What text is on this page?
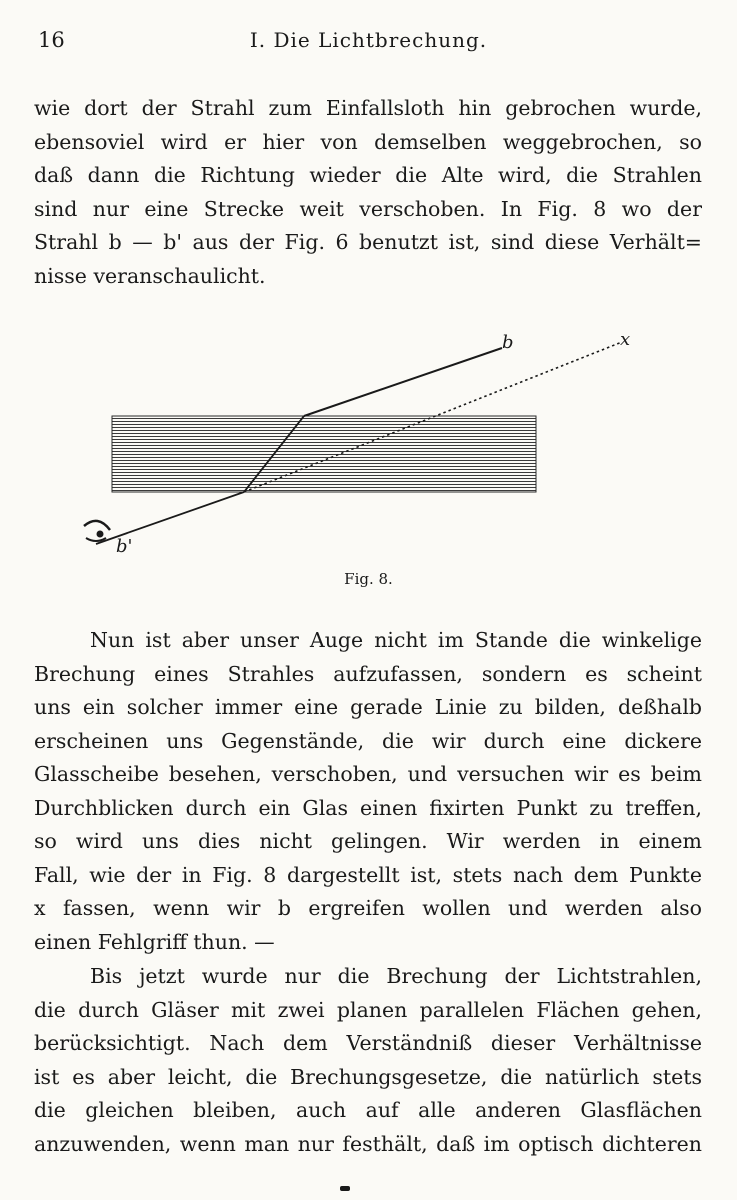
16	I. Die Lichtbrechung.
wie dort der Strahl zum Einfallsloth hin gebrochen wurde,
ebensoviel wird er hier von demselben weggebrochen, so
daß dann die Richtung wieder die Alte wird, die Strahlen
sind nur eine Strecke weit verschoben. In Fig. 8 wo der
Strahl b — b' aus der Fig. 6 benutzt ist, sind diese Verhält=
nisse veranschaulicht.
b	x
b'
Fig. 8.
Nun ist aber unser Auge nicht im Stande die winkelige
Brechung eines Strahles aufzufassen, sondern es scheint
uns ein solcher immer eine gerade Linie zu bilden, deßhalb
erscheinen uns Gegenstände, die wir durch eine dickere
Glasscheibe besehen, verschoben, und versuchen wir es beim
Durchblicken durch ein Glas einen fixirten Punkt zu treffen,
so wird uns dies nicht gelingen. Wir werden in einem
Fall, wie der in Fig. 8 dargestellt ist, stets nach dem Punkte
x fassen, wenn wir b ergreifen wollen und werden also
einen Fehlgriff thun. —
Bis jetzt wurde nur die Brechung der Lichtstrahlen,
die durch Gläser mit zwei planen parallelen Flächen gehen,
berücksichtigt. Nach dem Verständniß dieser Verhältnisse
ist es aber leicht, die Brechungsgesetze, die natürlich stets
die gleichen bleiben, auch auf alle anderen Glasflächen
anzuwenden, wenn man nur festhält, daß im optisch dichteren
